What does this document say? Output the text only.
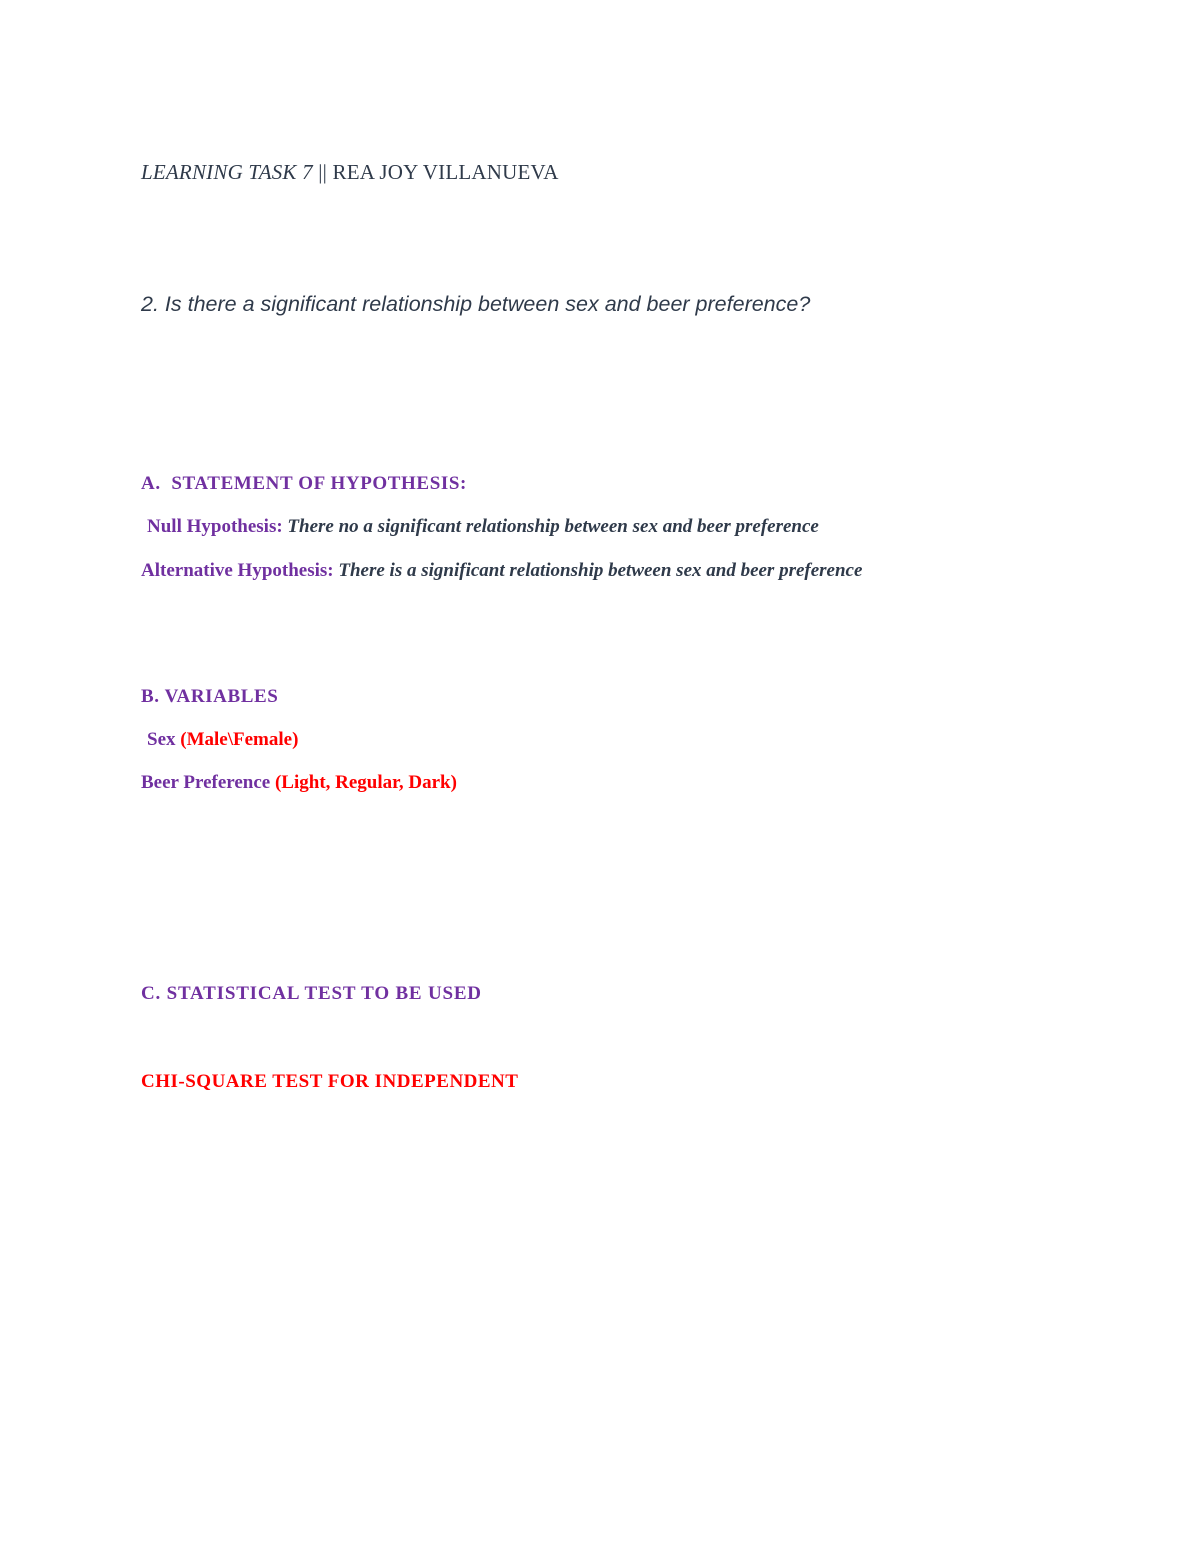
LEARNING TASK 7 || REA JOY VILLANUEVA
2. Is there a significant relationship between sex and beer preference?
A.  STATEMENT OF HYPOTHESIS:
Null Hypothesis: There no a significant relationship between sex and beer preference
Alternative Hypothesis: There is a significant relationship between sex and beer preference
B. VARIABLES
Sex (Male\Female)
Beer Preference (Light, Regular, Dark)
C. STATISTICAL TEST TO BE USED
CHI-SQUARE TEST FOR INDEPENDENT
